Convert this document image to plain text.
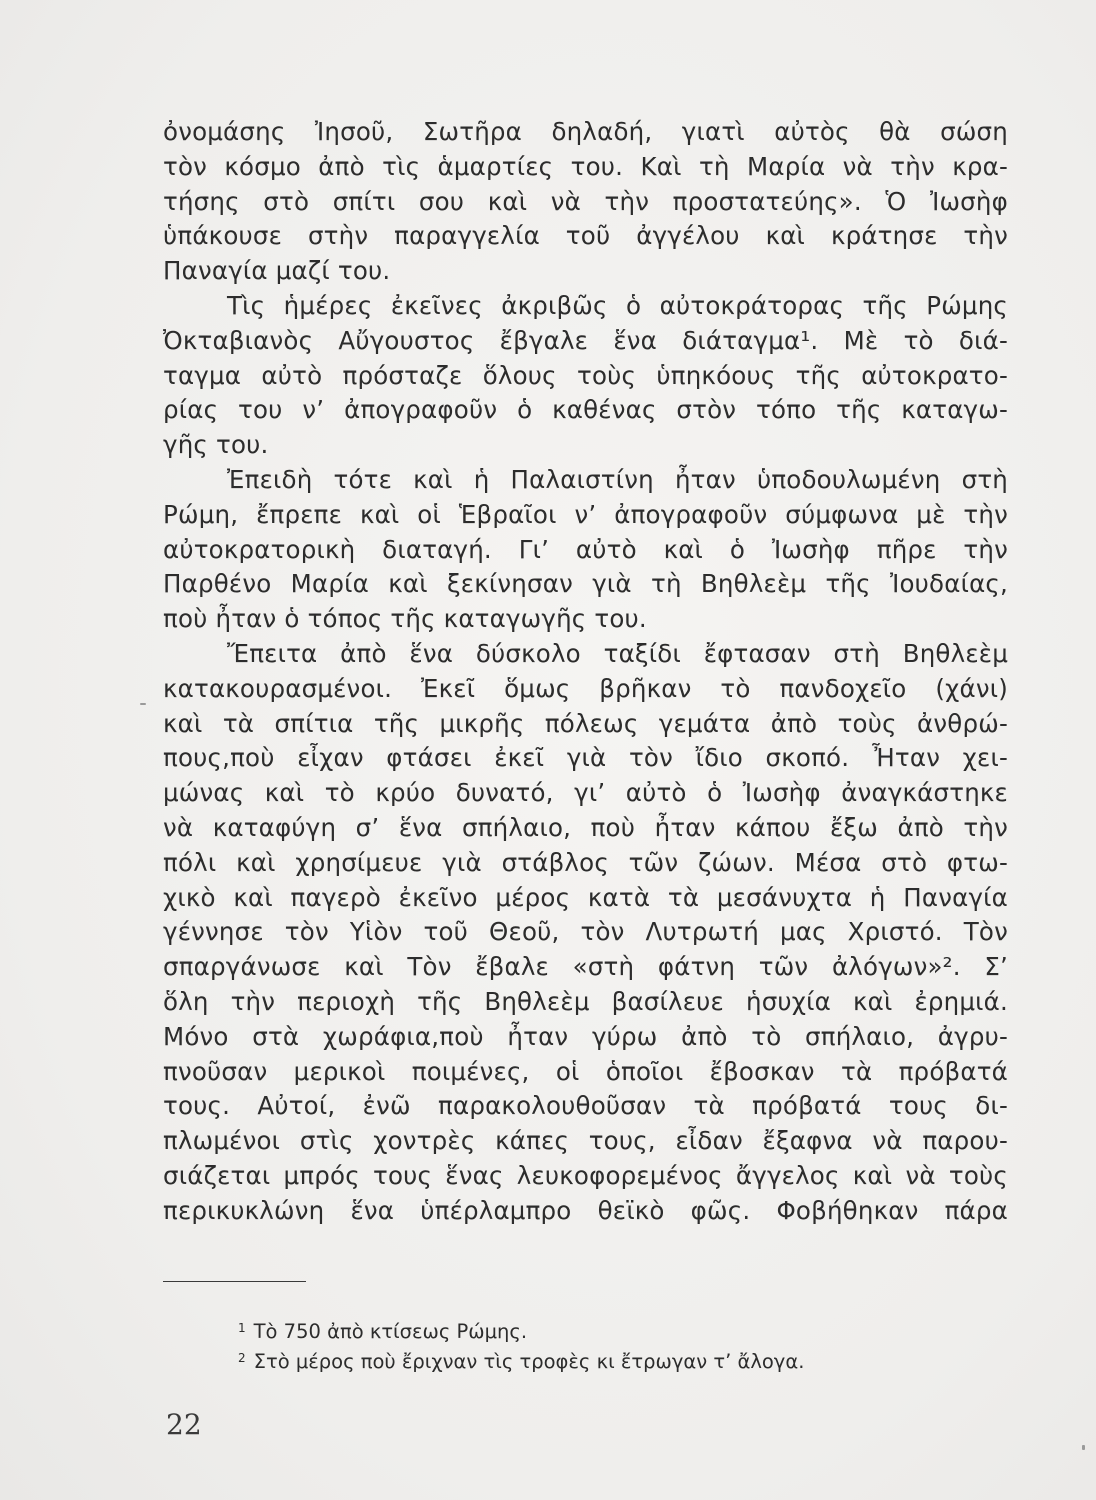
ὀνομάσης Ἰησοῦ, Σωτῆρα δηλαδή, γιατὶ αὐτὸς θὰ σώση
τὸν κόσμο ἀπὸ τὶς ἁμαρτίες του. Καὶ τὴ Μαρία νὰ τὴν κρα-
τήσης στὸ σπίτι σου καὶ νὰ τὴν προστατεύης». Ὁ Ἰωσὴφ
ὑπάκουσε στὴν παραγγελία τοῦ ἀγγέλου καὶ κράτησε τὴν
Παναγία μαζί του.
Τὶς ἡμέρες ἐκεῖνες ἀκριβῶς ὁ αὐτοκράτορας τῆς Ρώμης
Ὀκταβιανὸς Αὔγουστος ἔβγαλε ἕνα διάταγμα¹. Μὲ τὸ διά-
ταγμα αὐτὸ πρόσταζε ὅλους τοὺς ὑπηκόους τῆς αὐτοκρατο-
ρίας του ν’ ἀπογραφοῦν ὁ καθένας στὸν τόπο τῆς καταγω-
γῆς του.
Ἐπειδὴ τότε καὶ ἡ Παλαιστίνη ἦταν ὑποδουλωμένη στὴ
Ρώμη, ἔπρεπε καὶ οἱ Ἑβραῖοι ν’ ἀπογραφοῦν σύμφωνα μὲ τὴν
αὐτοκρατορικὴ διαταγή. Γι’ αὐτὸ καὶ ὁ Ἰωσὴφ πῆρε τὴν
Παρθένο Μαρία καὶ ξεκίνησαν γιὰ τὴ Βηθλεὲμ τῆς Ἰουδαίας,
ποὺ ἦταν ὁ τόπος τῆς καταγωγῆς του.
Ἔπειτα ἀπὸ ἕνα δύσκολο ταξίδι ἔφτασαν στὴ Βηθλεὲμ
κατακουρασμένοι. Ἐκεῖ ὅμως βρῆκαν τὸ πανδοχεῖο (χάνι)
καὶ τὰ σπίτια τῆς μικρῆς πόλεως γεμάτα ἀπὸ τοὺς ἀνθρώ-
πους,ποὺ εἶχαν φτάσει ἐκεῖ γιὰ τὸν ἴδιο σκοπό. Ἦταν χει-
μώνας καὶ τὸ κρύο δυνατό, γι’ αὐτὸ ὁ Ἰωσὴφ ἀναγκάστηκε
νὰ καταφύγη σ’ ἕνα σπήλαιο, ποὺ ἦταν κάπου ἔξω ἀπὸ τὴν
πόλι καὶ χρησίμευε γιὰ στάβλος τῶν ζώων. Μέσα στὸ φτω-
χικὸ καὶ παγερὸ ἐκεῖνο μέρος κατὰ τὰ μεσάνυχτα ἡ Παναγία
γέννησε τὸν Υἱὸν τοῦ Θεοῦ, τὸν Λυτρωτή μας Χριστό. Τὸν
σπαργάνωσε καὶ Τὸν ἔβαλε «στὴ φάτνη τῶν ἀλόγων»². Σ’
ὅλη τὴν περιοχὴ τῆς Βηθλεὲμ βασίλευε ἡσυχία καὶ ἐρημιά.
Μόνο στὰ χωράφια,ποὺ ἦταν γύρω ἀπὸ τὸ σπήλαιο, ἀγρυ-
πνοῦσαν μερικοὶ ποιμένες, οἱ ὁποῖοι ἔβοσκαν τὰ πρόβατά
τους. Αὐτοί, ἐνῶ παρακολουθοῦσαν τὰ πρόβατά τους δι-
πλωμένοι στὶς χοντρὲς κάπες τους, εἶδαν ἔξαφνα νὰ παρου-
σιάζεται μπρός τους ἕνας λευκοφορεμένος ἄγγελος καὶ νὰ τοὺς
περικυκλώνη ἕνα ὑπέρλαμπρο θεϊκὸ φῶς. Φοβήθηκαν πάρα
$^1$ Τὸ 750 ἀπὸ κτίσεως Ρώμης.
$^2$ Στὸ μέρος ποὺ ἔριχναν τὶς τροφὲς κι ἔτρωγαν τ’ ἄλογα.
22
